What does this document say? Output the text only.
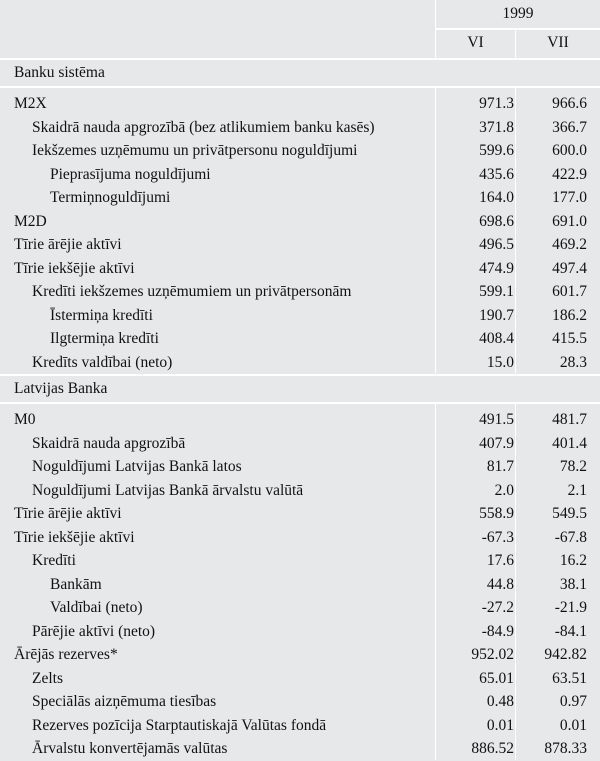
1999
VI	VII
Banku sistēma
M2X	971.3	966.6
Skaidrā nauda apgrozībā (bez atlikumiem banku kasēs)	371.8	366.7
Iekšzemes uzņēmumu un privātpersonu noguldījumi	599.6	600.0
Pieprasījuma noguldījumi	435.6	422.9
Termiņnoguldījumi	164.0	177.0
M2D	698.6	691.0
Tīrie ārējie aktīvi	496.5	469.2
Tīrie iekšējie aktīvi	474.9	497.4
Kredīti iekšzemes uzņēmumiem un privātpersonām	599.1	601.7
Īstermiņa kredīti	190.7	186.2
Ilgtermiņa kredīti	408.4	415.5
Kredīts valdībai (neto)	15.0	28.3
Latvijas Banka
M0	491.5	481.7
Skaidrā nauda apgrozībā	407.9	401.4
Noguldījumi Latvijas Bankā latos	81.7	78.2
Noguldījumi Latvijas Bankā ārvalstu valūtā	2.0	2.1
Tīrie ārējie aktīvi	558.9	549.5
Tīrie iekšējie aktīvi	-67.3	-67.8
Kredīti	17.6	16.2
Bankām	44.8	38.1
Valdībai (neto)	-27.2	-21.9
Pārējie aktīvi (neto)	-84.9	-84.1
Ārējās rezerves*	952.02	942.82
Zelts	65.01	63.51
Speciālās aizņēmuma tiesības	0.48	0.97
Rezerves pozīcija Starptautiskajā Valūtas fondā	0.01	0.01
Ārvalstu konvertējamās valūtas	886.52	878.33
